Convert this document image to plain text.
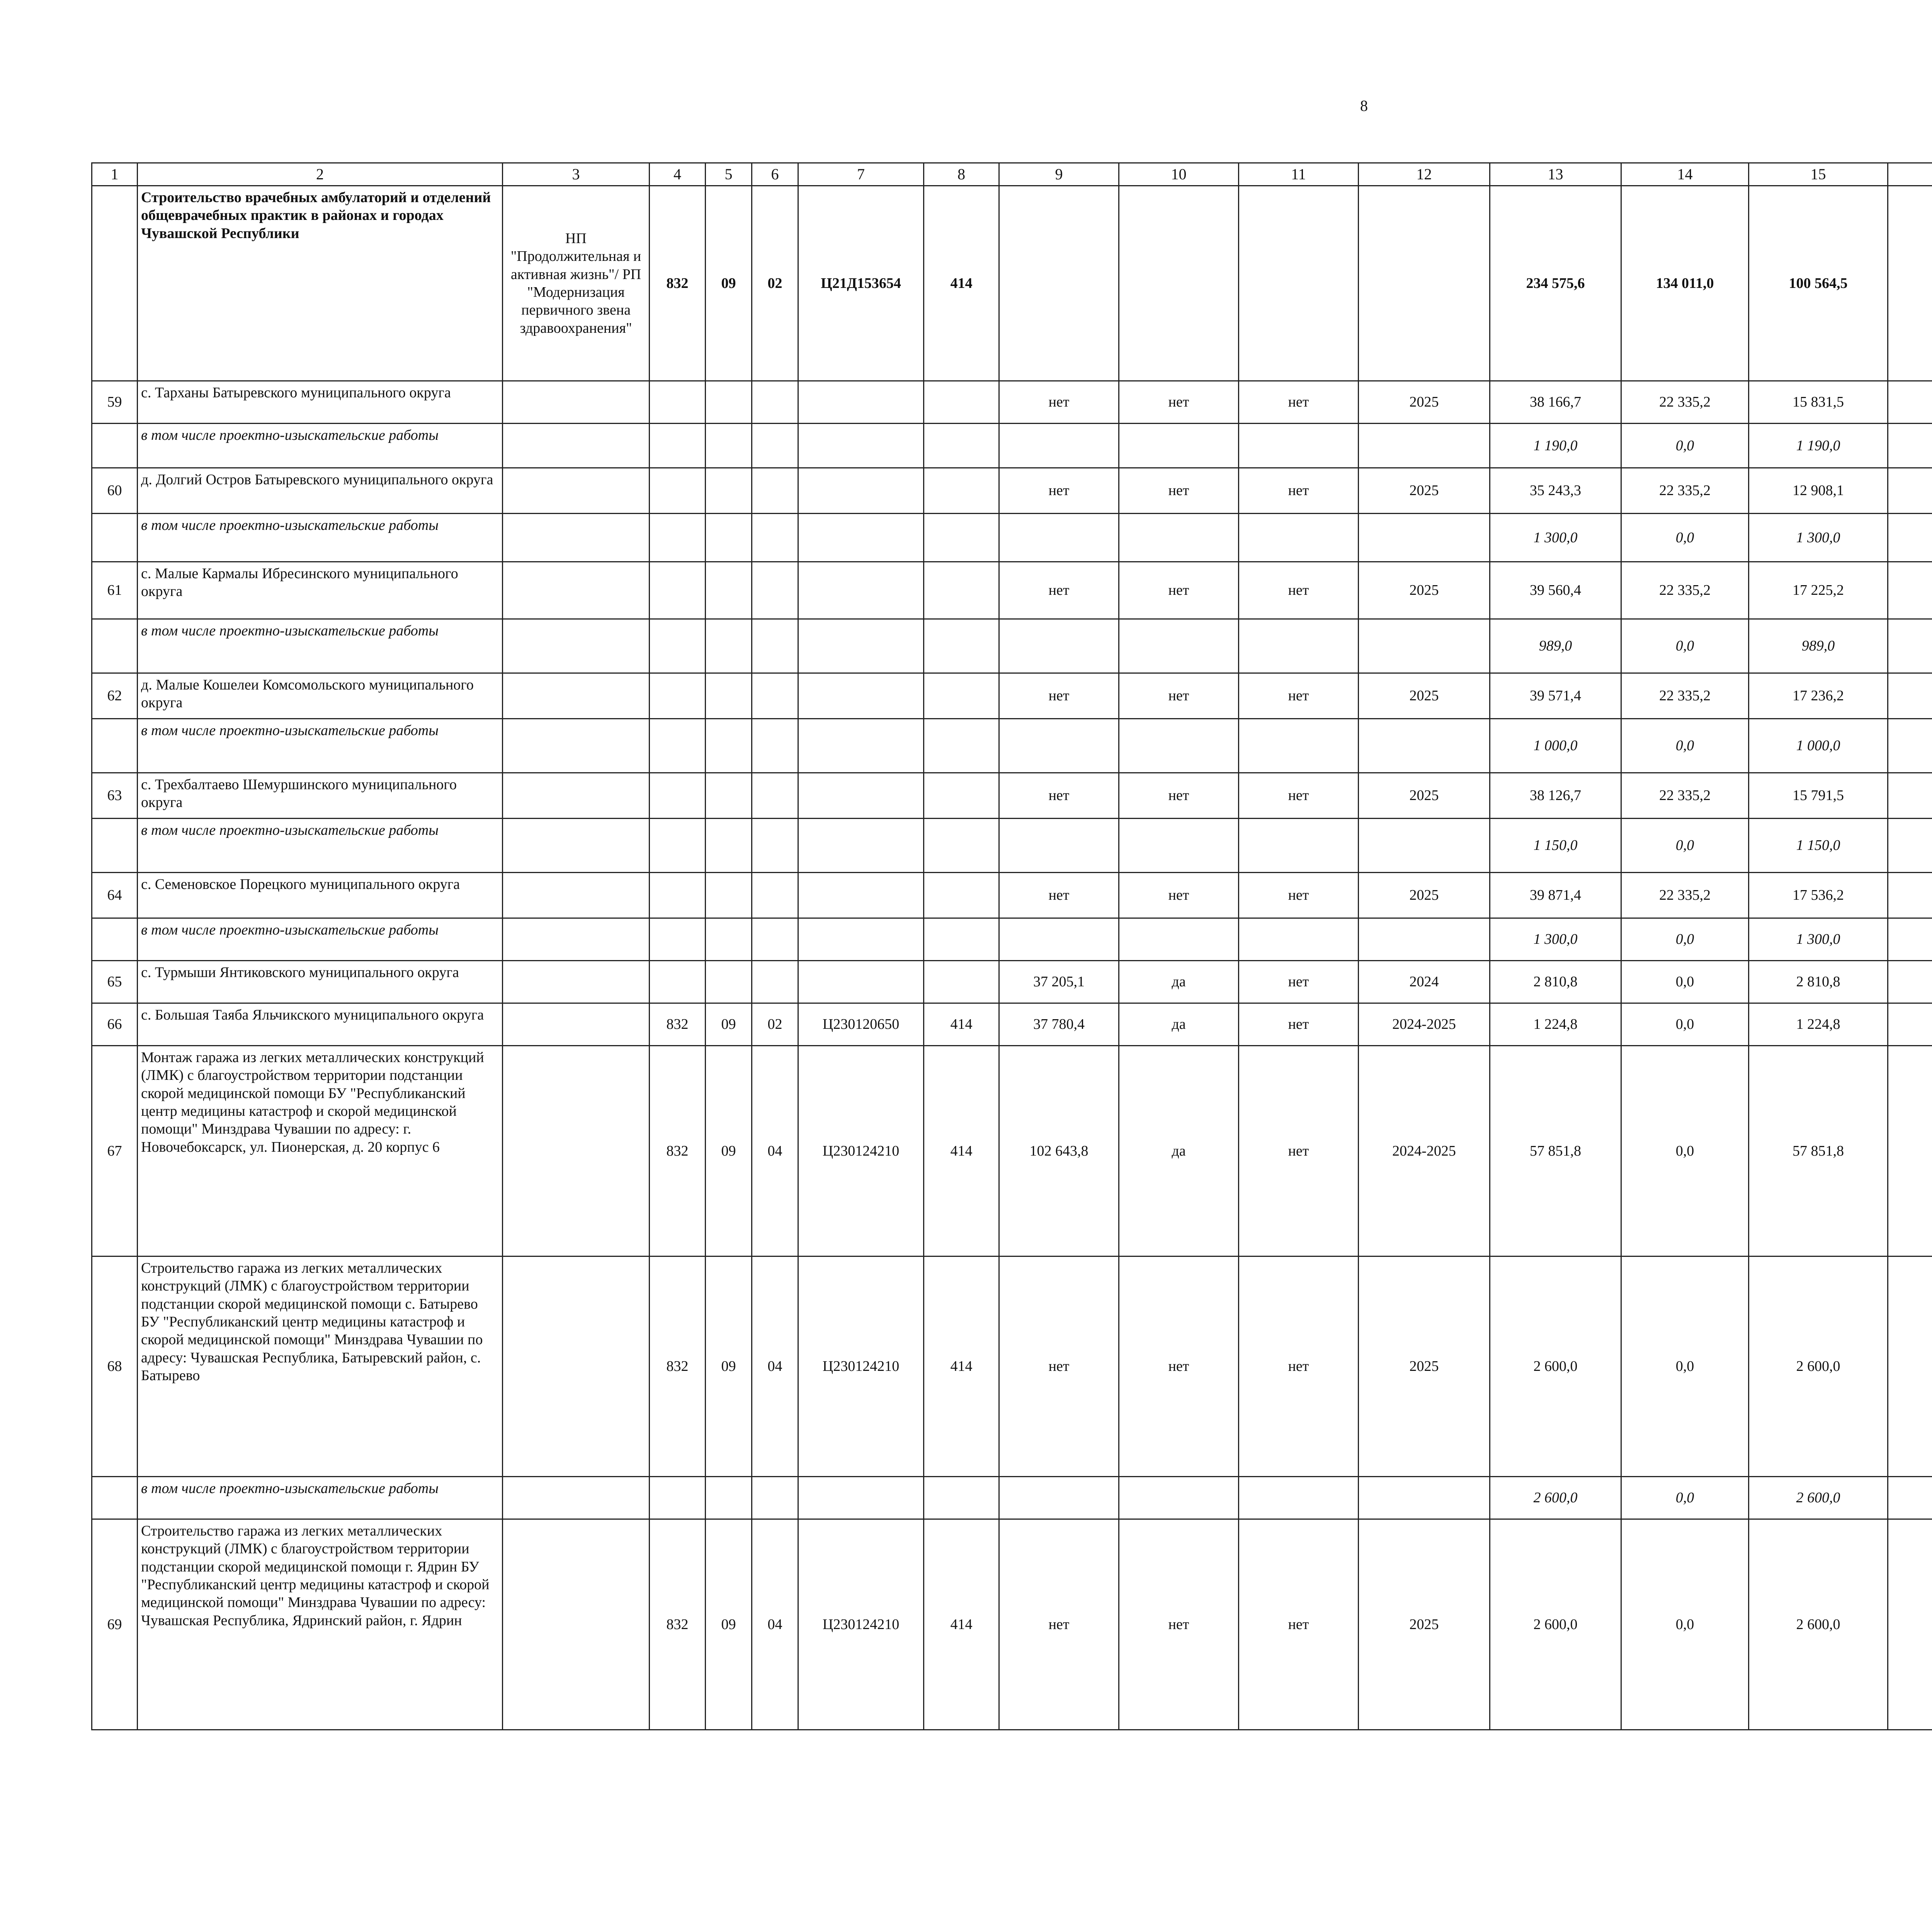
8
1	2	3	4	5	6	7	8	9	10	11	12	13	14	15						
	Строительство врачебных амбулаторий и отделений общеврачебных практик в районах и городах Чувашской Республики	НП "Продолжительная и активная жизнь"/ РП "Модернизация первичного звена здравоохранения"	832	09	02	Ц21Д153654	414					234 575,6	134 011,0	100 564,5						
59	с. Тарханы Батыревского муниципального округа							нет	нет	нет	2025	38 166,7	22 335,2	15 831,5						
	в том числе проектно-изыскательские работы											1 190,0	0,0	1 190,0						
60	д. Долгий Остров Батыревского муниципального округа							нет	нет	нет	2025	35 243,3	22 335,2	12 908,1						
	в том числе проектно-изыскательские работы											1 300,0	0,0	1 300,0						
61	с. Малые Кармалы Ибресинского муниципального округа							нет	нет	нет	2025	39 560,4	22 335,2	17 225,2						
	в том числе проектно-изыскательские работы											989,0	0,0	989,0						
62	д. Малые Кошелеи Комсомольского муниципального округа							нет	нет	нет	2025	39 571,4	22 335,2	17 236,2						
	в том числе проектно-изыскательские работы											1 000,0	0,0	1 000,0						
63	с. Трехбалтаево Шемуршинского муниципального округа							нет	нет	нет	2025	38 126,7	22 335,2	15 791,5						
	в том числе проектно-изыскательские работы											1 150,0	0,0	1 150,0						
64	с. Семеновское Порецкого муниципального округа							нет	нет	нет	2025	39 871,4	22 335,2	17 536,2						
	в том числе проектно-изыскательские работы											1 300,0	0,0	1 300,0						
65	с. Турмыши Янтиковского муниципального округа							37 205,1	да	нет	2024	2 810,8	0,0	2 810,8						
66	с. Большая Таяба Яльчикского муниципального округа		832	09	02	Ц230120650	414	37 780,4	да	нет	2024-2025	1 224,8	0,0	1 224,8						
67	Монтаж гаража из легких металлических конструкций (ЛМК) с благоустройством территории подстанции скорой медицинской помощи БУ "Республиканский центр медицины катастроф и скорой медицинской помощи" Минздрава Чувашии по адресу: г. Новочебоксарск, ул. Пионерская, д. 20 корпус 6		832	09	04	Ц230124210	414	102 643,8	да	нет	2024-2025	57 851,8	0,0	57 851,8						
68	Строительство гаража из легких металлических конструкций (ЛМК) с благоустройством территории подстанции скорой медицинской помощи с. Батырево БУ "Республиканский центр медицины катастроф и скорой медицинской помощи" Минздрава Чувашии по адресу: Чувашская Республика, Батыревский район, с. Батырево		832	09	04	Ц230124210	414	нет	нет	нет	2025	2 600,0	0,0	2 600,0						
	в том числе проектно-изыскательские работы											2 600,0	0,0	2 600,0						
69	Строительство гаража из легких металлических конструкций (ЛМК) с благоустройством территории подстанции скорой медицинской помощи г. Ядрин БУ "Республиканский центр медицины катастроф и скорой медицинской помощи" Минздрава Чувашии по адресу: Чувашская Республика, Ядринский район, г. Ядрин		832	09	04	Ц230124210	414	нет	нет	нет	2025	2 600,0	0,0	2 600,0						
